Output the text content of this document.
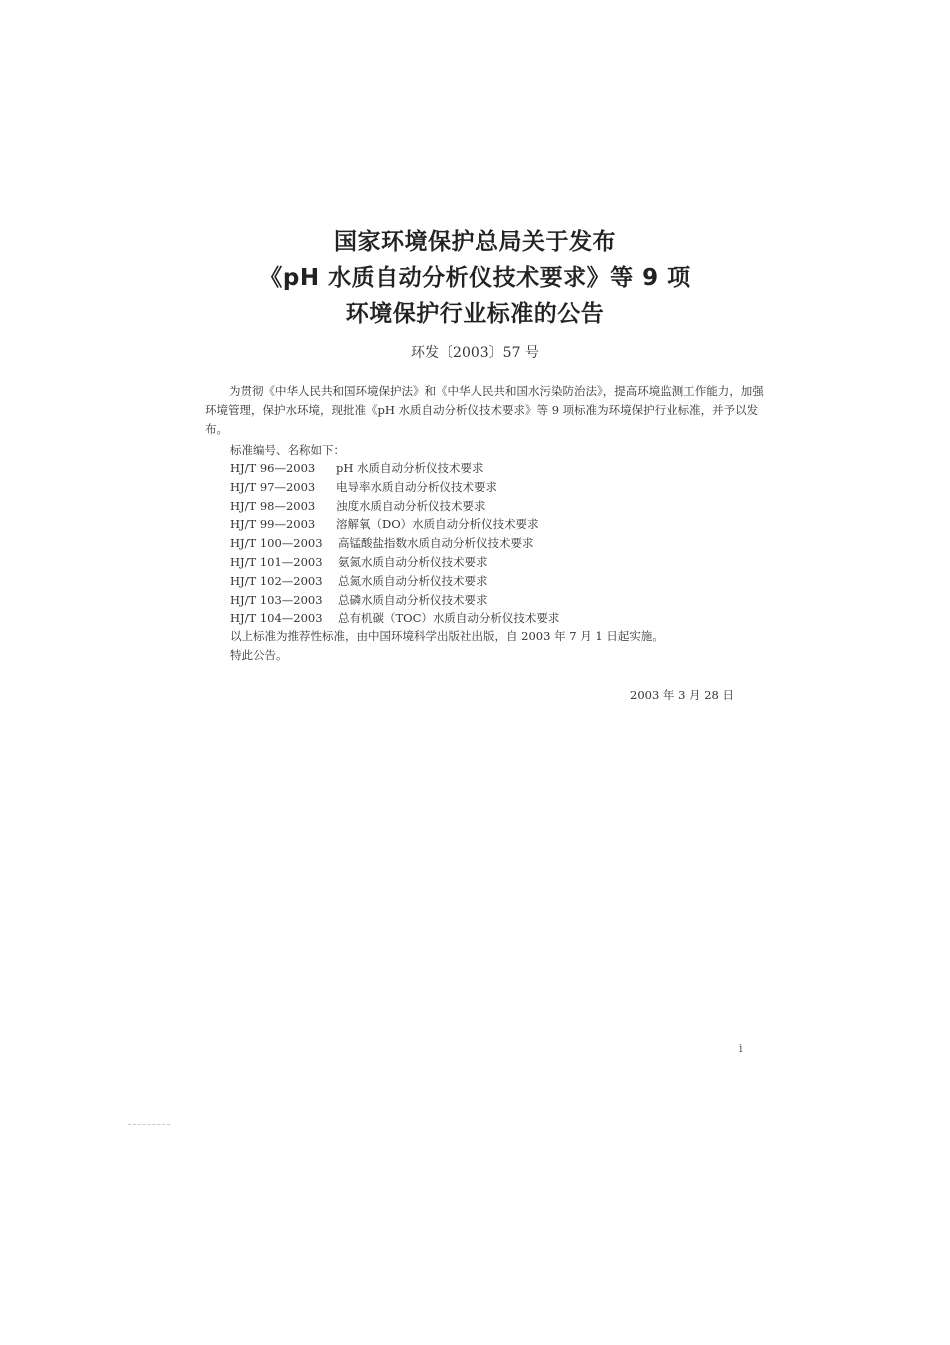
国家环境保护总局关于发布
《pH 水质自动分析仪技术要求》等 9 项
环境保护行业标准的公告
环发〔2003〕57 号
为贯彻《中华人民共和国环境保护法》和《中华人民共和国水污染防治法》，提高环境监测工作能力，加强环境管理，保护水环境，现批准《pH 水质自动分析仪技术要求》等 9 项标准为环境保护行业标准，并予以发布。
标准编号、名称如下：
HJ/T 96—2003 pH 水质自动分析仪技术要求
HJ/T 97—2003 电导率水质自动分析仪技术要求
HJ/T 98—2003 浊度水质自动分析仪技术要求
HJ/T 99—2003 溶解氧（DO）水质自动分析仪技术要求
HJ/T 100—2003 高锰酸盐指数水质自动分析仪技术要求
HJ/T 101—2003 氨氮水质自动分析仪技术要求
HJ/T 102—2003 总氮水质自动分析仪技术要求
HJ/T 103—2003 总磷水质自动分析仪技术要求
HJ/T 104—2003 总有机碳（TOC）水质自动分析仪技术要求
以上标准为推荐性标准，由中国环境科学出版社出版，自 2003 年 7 月 1 日起实施。
特此公告。
2003 年 3 月 28 日
i
